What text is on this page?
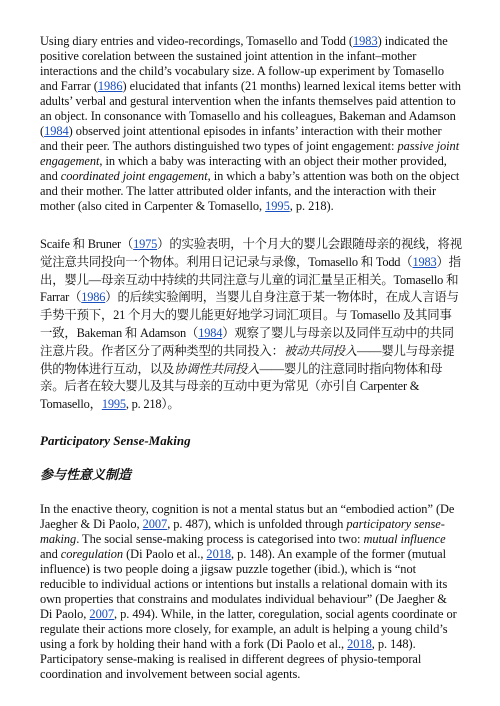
Using diary entries and video-recordings, Tomasello and Todd (1983) indicated the positive corelation between the sustained joint attention in the infant–mother interactions and the child’s vocabulary size. A follow-up experiment by Tomasello and Farrar (1986) elucidated that infants (21 months) learned lexical items better with adults’ verbal and gestural intervention when the infants themselves paid attention to an object. In consonance with Tomasello and his colleagues, Bakeman and Adamson (1984) observed joint attentional episodes in infants’ interaction with their mother and their peer. The authors distinguished two types of joint engagement: passive joint engagement, in which a baby was interacting with an object their mother provided, and coordinated joint engagement, in which a baby’s attention was both on the object and their mother. The latter attributed older infants, and the interaction with their mother (also cited in Carpenter & Tomasello, 1995, p. 218).

Scaife 和 Bruner（1975）的实验表明，十个月大的婴儿会跟随母亲的视线，将视觉注意共同投向一个物体。利用日记记录与录像，Tomasello 和 Todd（1983）指出，婴儿—母亲互动中持续的共同注意与儿童的词汇量呈正相关。Tomasello 和 Farrar（1986）的后续实验阐明，当婴儿自身注意于某一物体时，在成人言语与手势干预下，21 个月大的婴儿能更好地学习词汇项目。与 Tomasello 及其同事一致，Bakeman 和 Adamson（1984）观察了婴儿与母亲以及同伴互动中的共同注意片段。作者区分了两种类型的共同投入：被动共同投入——婴儿与母亲提供的物体进行互动，以及协调性共同投入——婴儿的注意同时指向物体和母亲。后者在较大婴儿及其与母亲的互动中更为常见（亦引自 Carpenter & Tomasello，1995, p. 218）。

Participatory Sense-Making
参与性意义制造

In the enactive theory, cognition is not a mental status but an “embodied action” (De Jaegher & Di Paolo, 2007, p. 487), which is unfolded through participatory sense-making. The social sense-making process is categorised into two: mutual influence and coregulation (Di Paolo et al., 2018, p. 148). An example of the former (mutual influence) is two people doing a jigsaw puzzle together (ibid.), which is “not reducible to individual actions or intentions but installs a relational domain with its own properties that constrains and modulates individual behaviour” (De Jaegher & Di Paolo, 2007, p. 494). While, in the latter, coregulation, social agents coordinate or regulate their actions more closely, for example, an adult is helping a young child’s using a fork by holding their hand with a fork (Di Paolo et al., 2018, p. 148). Participatory sense-making is realised in different degrees of physio-temporal coordination and involvement between social agents.
